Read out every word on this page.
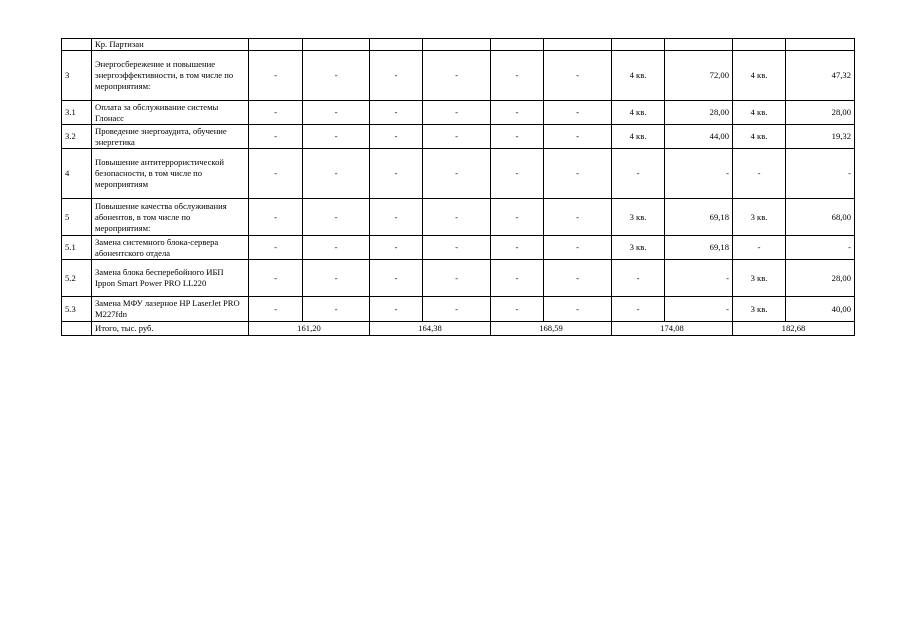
	Кр. Партизан										
3	Энергосбережение и повышение энергоэффективности, в том числе по мероприятиям:	-	-	-	-	-	-	4 кв.	72,00	4 кв.	47,32
3.1	Оплата за обслуживание системы Глонасс	-	-	-	-	-	-	4 кв.	28,00	4 кв.	28,00
3.2	Проведение энергоаудита, обучение энергетика	-	-	-	-	-	-	4 кв.	44,00	4 кв.	19,32
4	Повышение антитеррористической безопасности, в том числе по мероприятиям	-	-	-	-	-	-	-	-	-	-
5	Повышение качества обслуживания абонентов, в том числе по мероприятиям:	-	-	-	-	-	-	3 кв.	69,18	3 кв.	68,00
5.1	Замена системного блока-сервера абонентского отдела	-	-	-	-	-	-	3 кв.	69,18	-	-
5.2	Замена блока бесперебойного ИБП Ippon Smart Power PRO LL220	-	-	-	-	-	-	-	-	3 кв.	28,00
5.3	Замена МФУ лазерное HP LaserJet PRO M227fdn	-	-	-	-	-	-	-	-	3 кв.	40,00
	Итого, тыс. руб.	161,20		164,38		168,59		174,08		182,68	
